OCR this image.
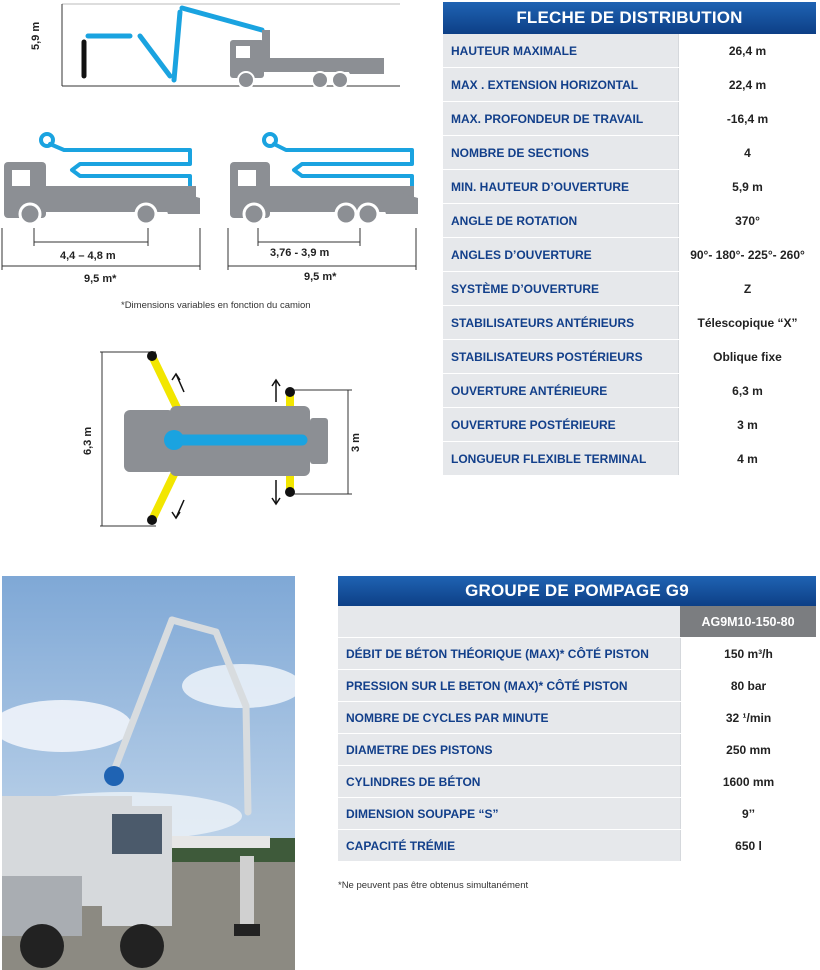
5,9 m
4,4 – 4,8 m
9,5 m*
3,76 - 3,9 m
9,5 m*
*Dimensions variables en fonction du camion
6,3 m	3 m
FLECHE DE DISTRIBUTION
HAUTEUR MAXIMALE	26,4 m
MAX . EXTENSION HORIZONTAL	22,4 m
MAX. PROFONDEUR DE TRAVAIL	-16,4 m
NOMBRE DE SECTIONS	4
MIN. HAUTEUR D’OUVERTURE	5,9 m
ANGLE DE ROTATION	370°
ANGLES D’OUVERTURE	90°- 180°- 225°- 260°
SYSTÈME D’OUVERTURE	Z
STABILISATEURS ANTÉRIEURS	Télescopique “X”
STABILISATEURS POSTÉRIEURS	Oblique fixe
OUVERTURE ANTÉRIEURE	6,3 m
OUVERTURE POSTÉRIEURE	3 m
LONGUEUR FLEXIBLE TERMINAL	4 m
GROUPE DE POMPAGE G9
AG9M10-150-80
DÉBIT DE BÉTON THÉORIQUE (MAX)* CÔTÉ PISTON	150 m³/h
PRESSION SUR LE BETON (MAX)* CÔTÉ PISTON	80 bar
NOMBRE DE CYCLES PAR MINUTE	32 ¹/min
DIAMETRE DES PISTONS	250 mm
CYLINDRES DE BÉTON	1600 mm
DIMENSION SOUPAPE “S”	9’’
CAPACITÉ TRÉMIE	650 l
*Ne peuvent pas être obtenus simultanément
